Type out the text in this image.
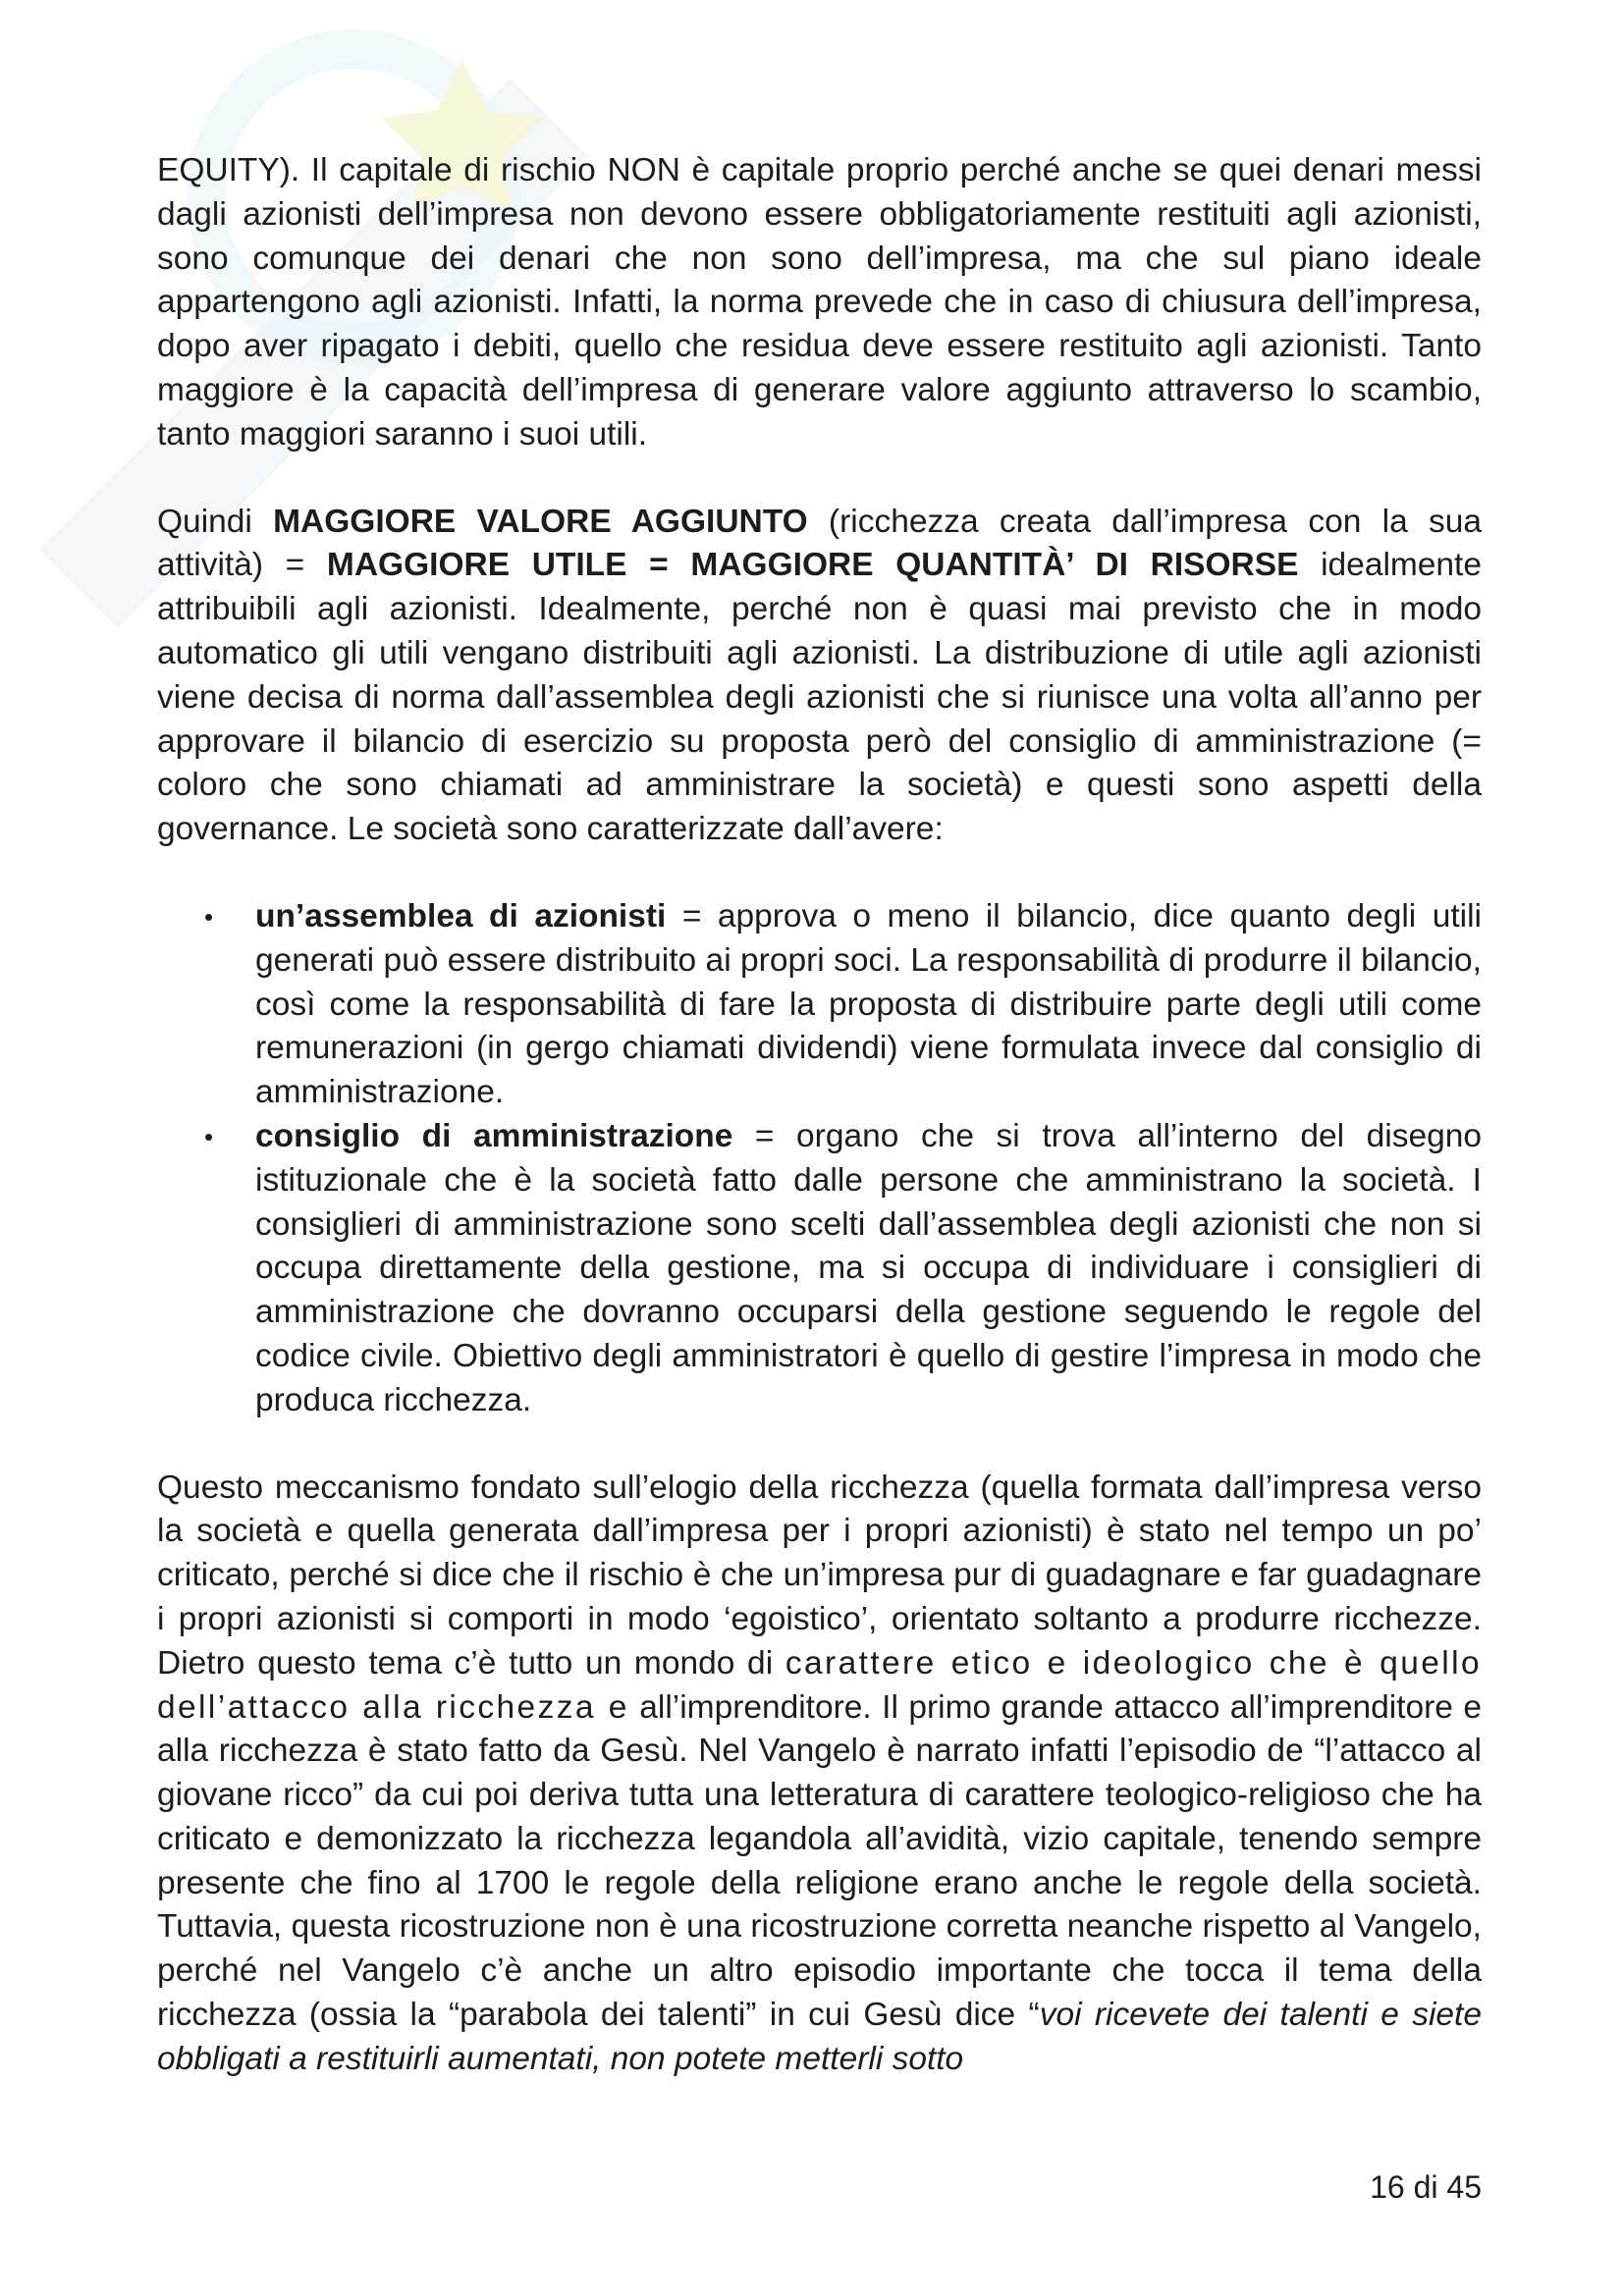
EQUITY). Il capitale di rischio NON è capitale proprio perché anche se quei denari messi dagli azionisti dell’impresa non devono essere obbligatoriamente restituiti agli azionisti, sono comunque dei denari che non sono dell’impresa, ma che sul piano ideale appartengono agli azionisti. Infatti, la norma prevede che in caso di chiusura dell’impresa, dopo aver ripagato i debiti, quello che residua deve essere restituito agli azionisti. Tanto maggiore è la capacità dell’impresa di generare valore aggiunto attraverso lo scambio, tanto maggiori saranno i suoi utili.

Quindi MAGGIORE VALORE AGGIUNTO (ricchezza creata dall’impresa con la sua attività) = MAGGIORE UTILE = MAGGIORE QUANTITÀ’ DI RISORSE idealmente attribuibili agli azionisti. Idealmente, perché non è quasi mai previsto che in modo automatico gli utili vengano distribuiti agli azionisti. La distribuzione di utile agli azionisti viene decisa di norma dall’assemblea degli azionisti che si riunisce una volta all’anno per approvare il bilancio di esercizio su proposta però del consiglio di amministrazione (= coloro che sono chiamati ad amministrare la società) e questi sono aspetti della governance. Le società sono caratterizzate dall’avere:

• un’assemblea di azionisti = approva o meno il bilancio, dice quanto degli utili generati può essere distribuito ai propri soci. La responsabilità di produrre il bilancio, così come la responsabilità di fare la proposta di distribuire parte degli utili come remunerazioni (in gergo chiamati dividendi) viene formulata invece dal consiglio di amministrazione.
• consiglio di amministrazione = organo che si trova all’interno del disegno istituzionale che è la società fatto dalle persone che amministrano la società. I consiglieri di amministrazione sono scelti dall’assemblea degli azionisti che non si occupa direttamente della gestione, ma si occupa di individuare i consiglieri di amministrazione che dovranno occuparsi della gestione seguendo le regole del codice civile. Obiettivo degli amministratori è quello di gestire l’impresa in modo che produca ricchezza.

Questo meccanismo fondato sull’elogio della ricchezza (quella formata dall’impresa verso la società e quella generata dall’impresa per i propri azionisti) è stato nel tempo un po’ criticato, perché si dice che il rischio è che un’impresa pur di guadagnare e far guadagnare i propri azionisti si comporti in modo ‘egoistico’, orientato soltanto a produrre ricchezze. Dietro questo tema c’è tutto un mondo di carattere etico e ideologico che è quello dell’attacco alla ricchezza e all’imprenditore. Il primo grande attacco all’imprenditore e alla ricchezza è stato fatto da Gesù. Nel Vangelo è narrato infatti l’episodio de “l’attacco al giovane ricco” da cui poi deriva tutta una letteratura di carattere teologico-religioso che ha criticato e demonizzato la ricchezza legandola all’avidità, vizio capitale, tenendo sempre presente che fino al 1700 le regole della religione erano anche le regole della società. Tuttavia, questa ricostruzione non è una ricostruzione corretta neanche rispetto al Vangelo, perché nel Vangelo c’è anche un altro episodio importante che tocca il tema della ricchezza (ossia la “parabola dei talenti” in cui Gesù dice “voi ricevete dei talenti e siete obbligati a restituirli aumentati, non potete metterli sotto

16 di 45
